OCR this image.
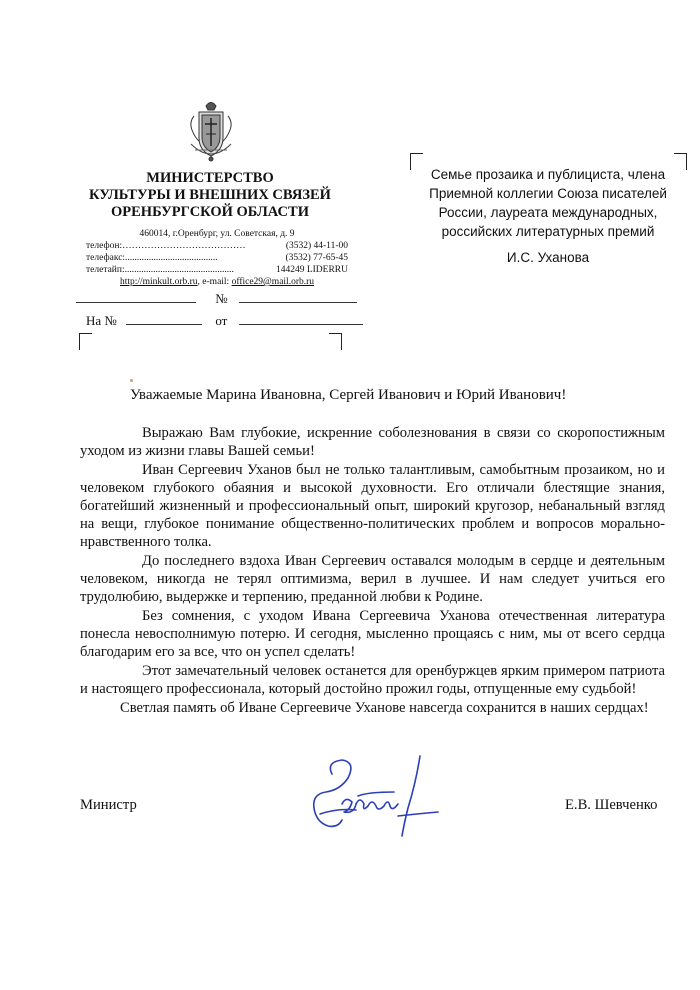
МИНИСТЕРСТВО
КУЛЬТУРЫ И ВНЕШНИХ СВЯЗЕЙ
ОРЕНБУРГСКОЙ ОБЛАСТИ
460014, г.Оренбург, ул. Советская, д. 9
телефон:…………………………………	(3532) 44-11-00
телефакс:.......................................	(3532) 77-65-45
телетайп:..............................................	144249 LIDERRU
http://minkult.orb.ru, e-mail: office29@mail.orb.ru
№
На №	от
Семье прозаика и публициста, члена
Приемной коллегии Союза писателей
России, лауреата международных,
российских литературных премий
И.С. Уханова
Уважаемые Марина Ивановна, Сергей Иванович и Юрий Иванович!

Выражаю Вам глубокие, искренние соболезнования в связи со скоропостижным уходом из жизни главы Вашей семьи!

Иван Сергеевич Уханов был не только талантливым, самобытным прозаиком, но и человеком глубокого обаяния и высокой духовности. Его отличали блестящие знания, богатейший жизненный и профессиональный опыт, широкий кругозор, небанальный взгляд на вещи, глубокое понимание общественно-политических проблем и вопросов морально-нравственного толка.

До последнего вздоха Иван Сергеевич оставался молодым в сердце и деятельным человеком, никогда не терял оптимизма, верил в лучшее. И нам следует учиться его трудолюбию, выдержке и терпению, преданной любви к Родине.

Без сомнения, с уходом Ивана Сергеевича Уханова отечественная литература понесла невосполнимую потерю. И сегодня, мысленно прощаясь с ним, мы от всего сердца благодарим его за все, что он успел сделать!

Этот замечательный человек останется для оренбуржцев ярким примером патриота и настоящего профессионала, который достойно прожил годы, отпущенные ему судьбой!

Светлая память об Иване Сергеевиче Уханове навсегда сохранится в наших сердцах!

Министр	Е.В. Шевченко
